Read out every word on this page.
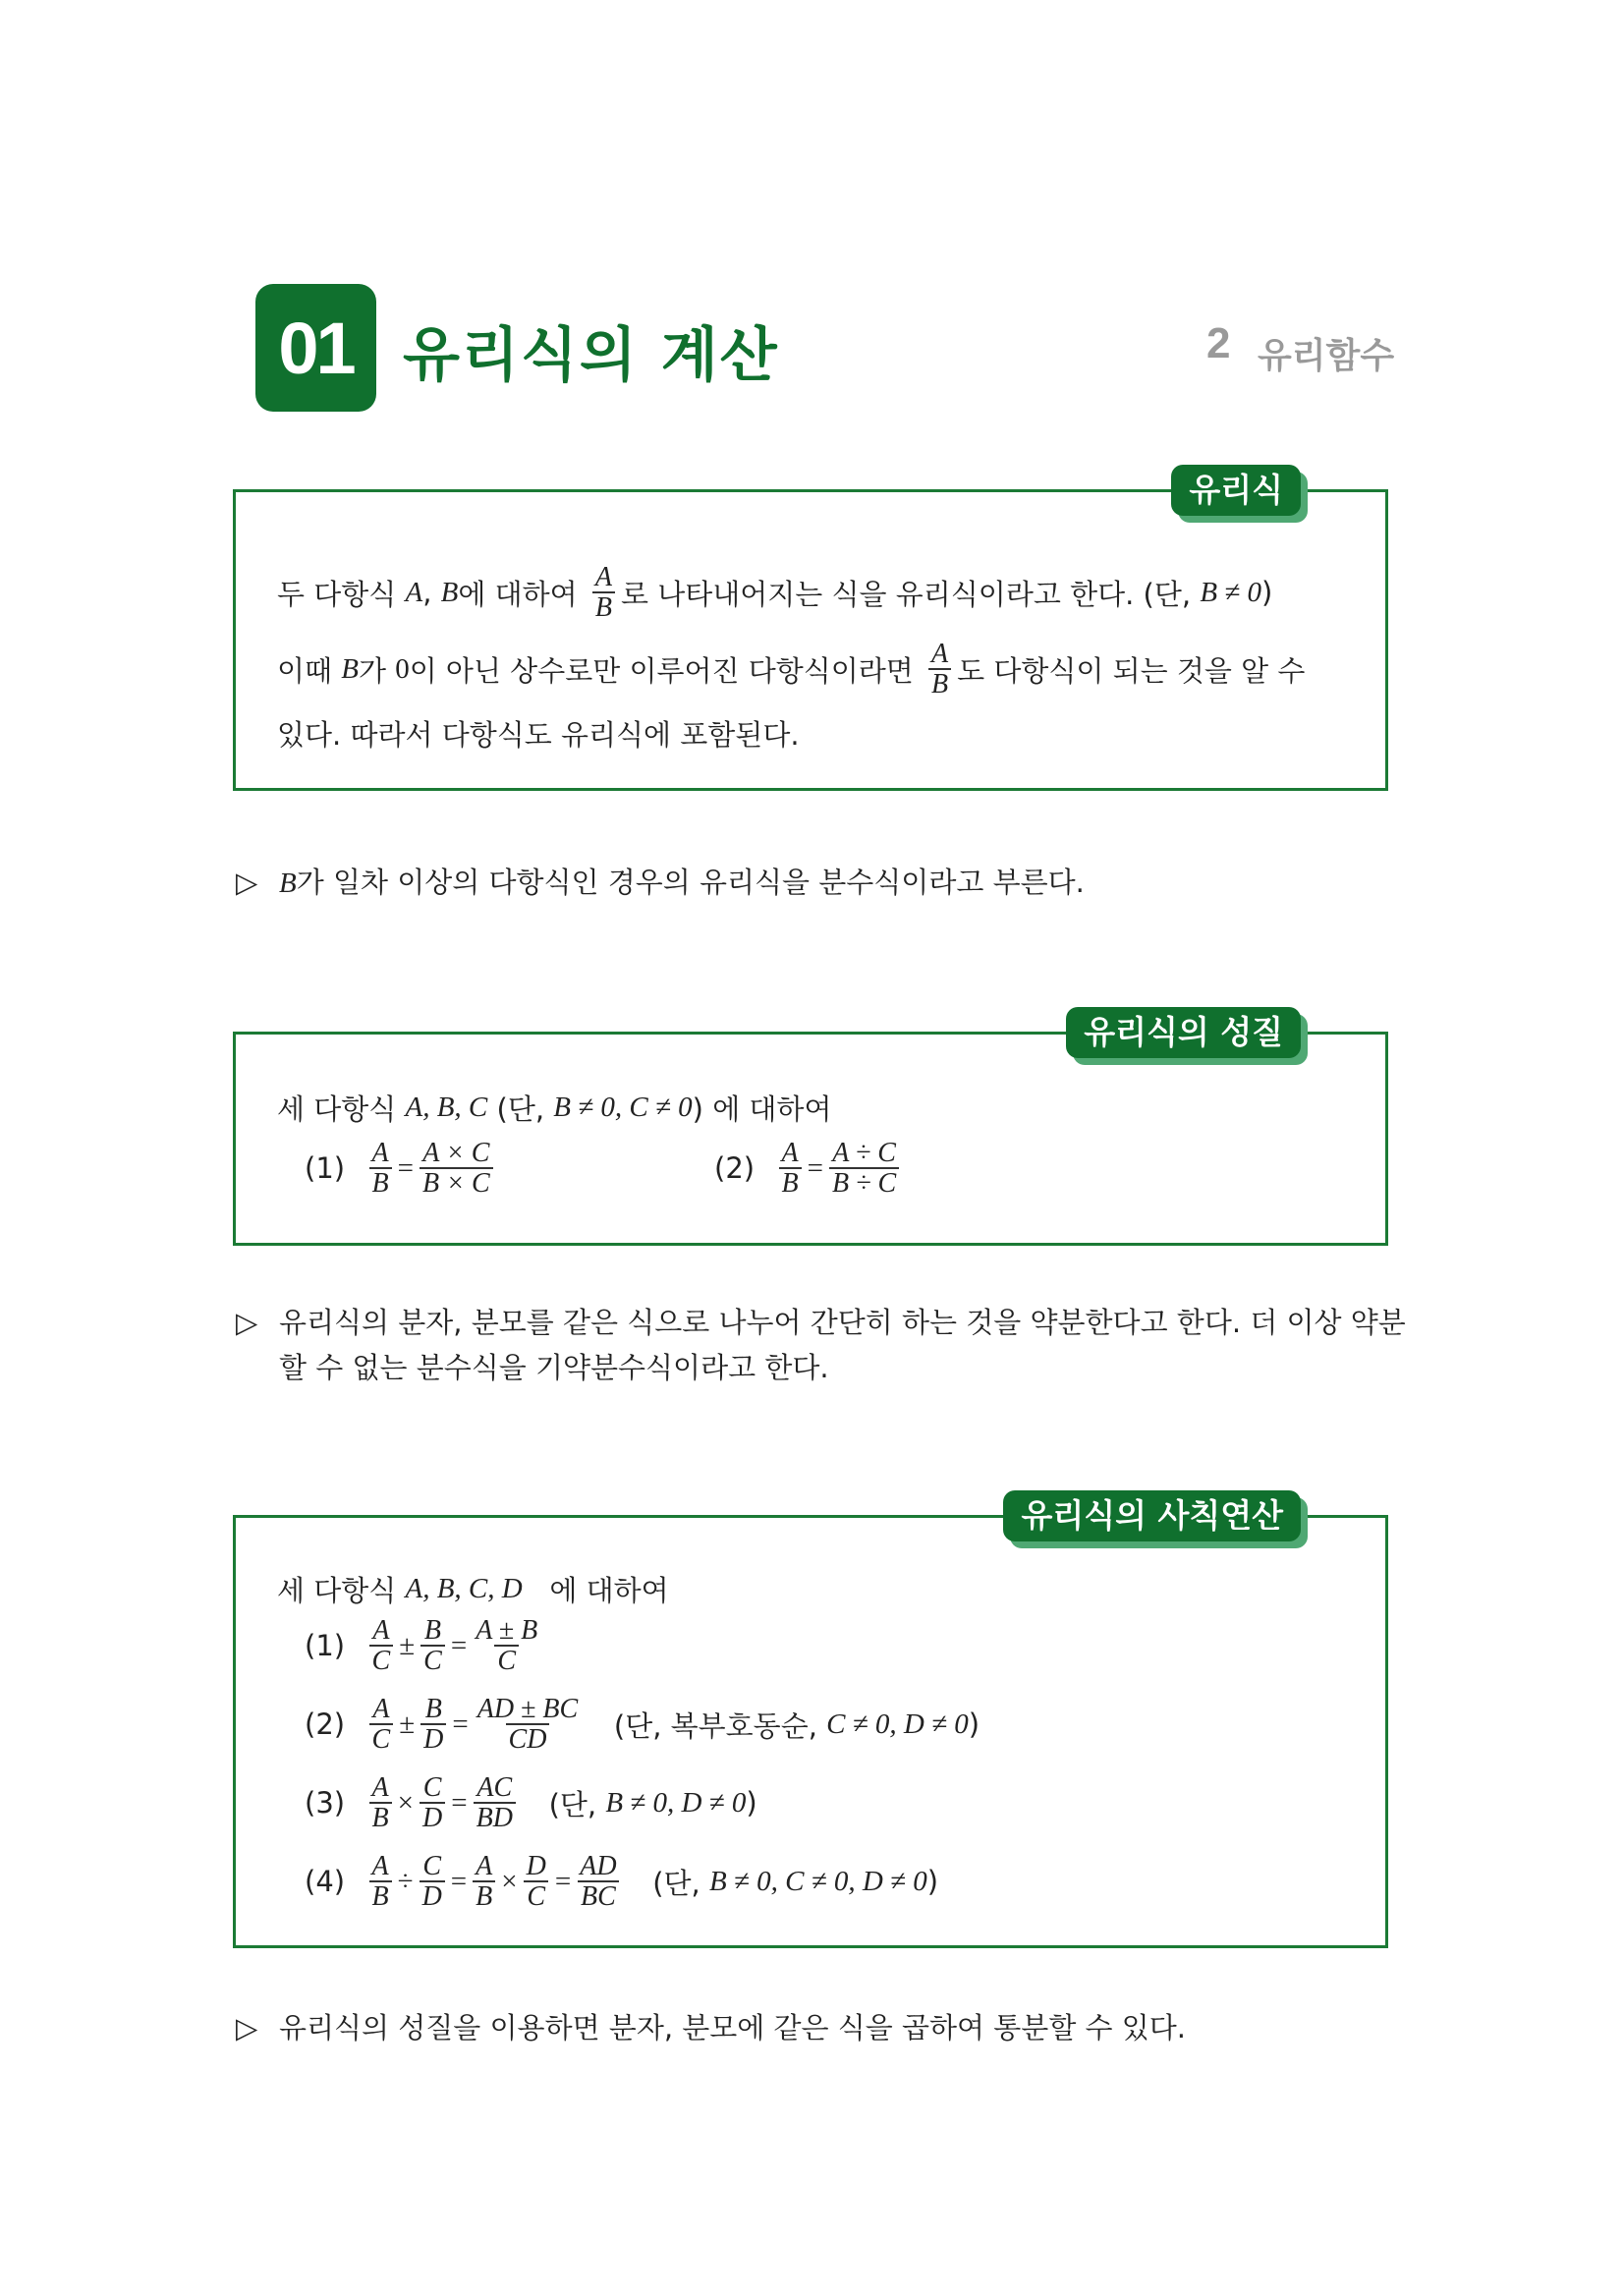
01 유리식의 계산	2 유리함수
유리식
두 다항식
A ,
B 에 대하여
$\frac{A}{B}$ 로 나타내어지는 식을 유리식이라고 한다. (단,
B ≠ 0 )
이때
B 가
0 이 아닌 상수로만 이루어진 다항식이라면
$\frac{A}{B}$ 도 다항식이 되는 것을 알 수
있다. 따라서 다항식도 유리식에 포함된다.
▷ B가 일차 이상의 다항식인 경우의 유리식을 분수식이라고 부른다.
유리식의 성질
세 다항식
A, B, C
(단,
B ≠ 0, C ≠ 0 ) 에 대하여
(1)
$\frac{A}{B} = \frac{A \times C}{B \times C}$	(2)
$\frac{A}{B} = \frac{A \div C}{B \div C}$
▷ 유리식의 분자, 분모를 같은 식으로 나누어 간단히 하는 것을 약분한다고 한다. 더 이상 약분
할 수 없는 분수식을 기약분수식이라고 한다.
유리식의 사칙연산
세 다항식
A, B, C, D
에 대하여
(1)
$\frac{A}{C} \pm \frac{B}{C} = \frac{A \pm B}{C}$
(2)
$\frac{A}{C} \pm \frac{B}{D} = \frac{AD \pm BC}{CD}$
(단, 복부호동순,
C ≠ 0, D ≠ 0 )
(3)
$\frac{A}{B} \times \frac{C}{D} = \frac{AC}{BD}$
(단,
B ≠ 0, D ≠ 0 )
(4)
$\frac{A}{B} \div \frac{C}{D} = \frac{A}{B} \times \frac{D}{C} = \frac{AD}{BC}$
(단,
B ≠ 0, C ≠ 0, D ≠ 0 )
▷ 유리식의 성질을 이용하면 분자, 분모에 같은 식을 곱하여 통분할 수 있다.
